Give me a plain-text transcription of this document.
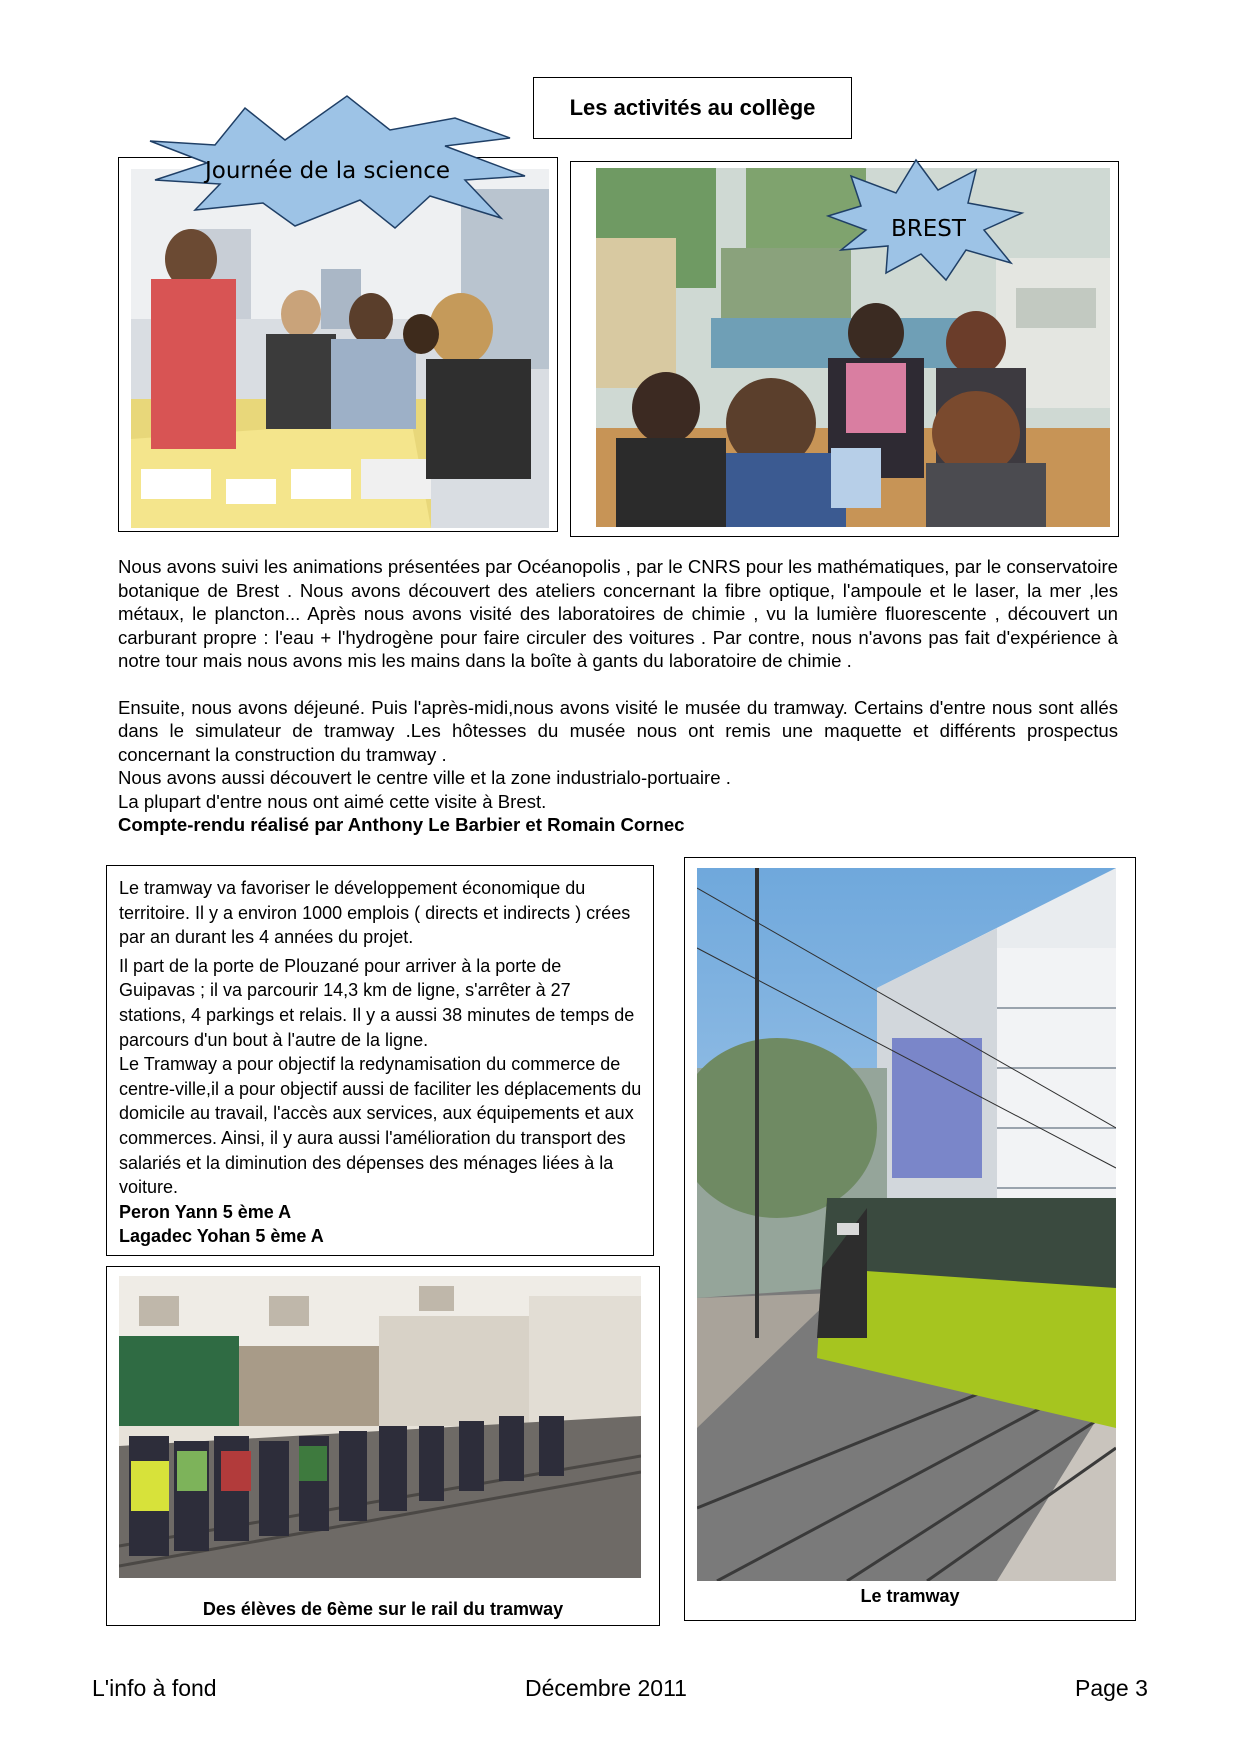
Les activités au collège
Journée de la science
BREST

Nous avons suivi les animations présentées par Océanopolis , par le CNRS pour les mathématiques, par le conservatoire botanique de Brest . Nous avons découvert des ateliers concernant la fibre optique, l'ampoule et le laser, la mer ,les métaux, le plancton... Après nous avons visité des laboratoires de chimie , vu la lumière fluorescente , découvert un carburant propre : l'eau + l'hydrogène pour faire circuler des voitures . Par contre, nous n'avons pas fait d'expérience à notre tour mais nous avons mis les mains dans la boîte à gants du laboratoire de chimie .

Ensuite, nous avons déjeuné. Puis l'après-midi,nous avons visité le musée du tramway. Certains d'entre nous sont allés dans le simulateur de tramway .Les hôtesses du musée nous ont remis une maquette et différents prospectus concernant la construction du tramway .

Nous avons aussi découvert le centre ville et la zone industrialo-portuaire .

La plupart d'entre nous ont aimé cette visite à Brest.

Compte-rendu réalisé par Anthony Le Barbier et Romain Cornec

Le tramway va favoriser le développement économique du territoire. Il y a environ 1000 emplois ( directs et indirects ) crées par an durant les 4 années du projet.

Il part de la porte de Plouzané pour arriver à la porte de Guipavas ; il va parcourir 14,3 km de ligne, s'arrêter à 27 stations, 4 parkings et relais. Il y a aussi 38 minutes de temps de parcours d'un bout à l'autre de la ligne.

Le Tramway a pour objectif la redynamisation du commerce de centre-ville,il a pour objectif aussi de faciliter les déplacements du domicile au travail, l'accès aux services, aux équipements et aux commerces. Ainsi, il y aura aussi l'amélioration du transport des salariés et la diminution des dépenses des ménages liées à la voiture.

Peron Yann 5 ème A

Lagadec Yohan 5 ème A

Des élèves de 6ème sur le rail du tramway
Le tramway
L'info à fond	Décembre 2011	Page 3
